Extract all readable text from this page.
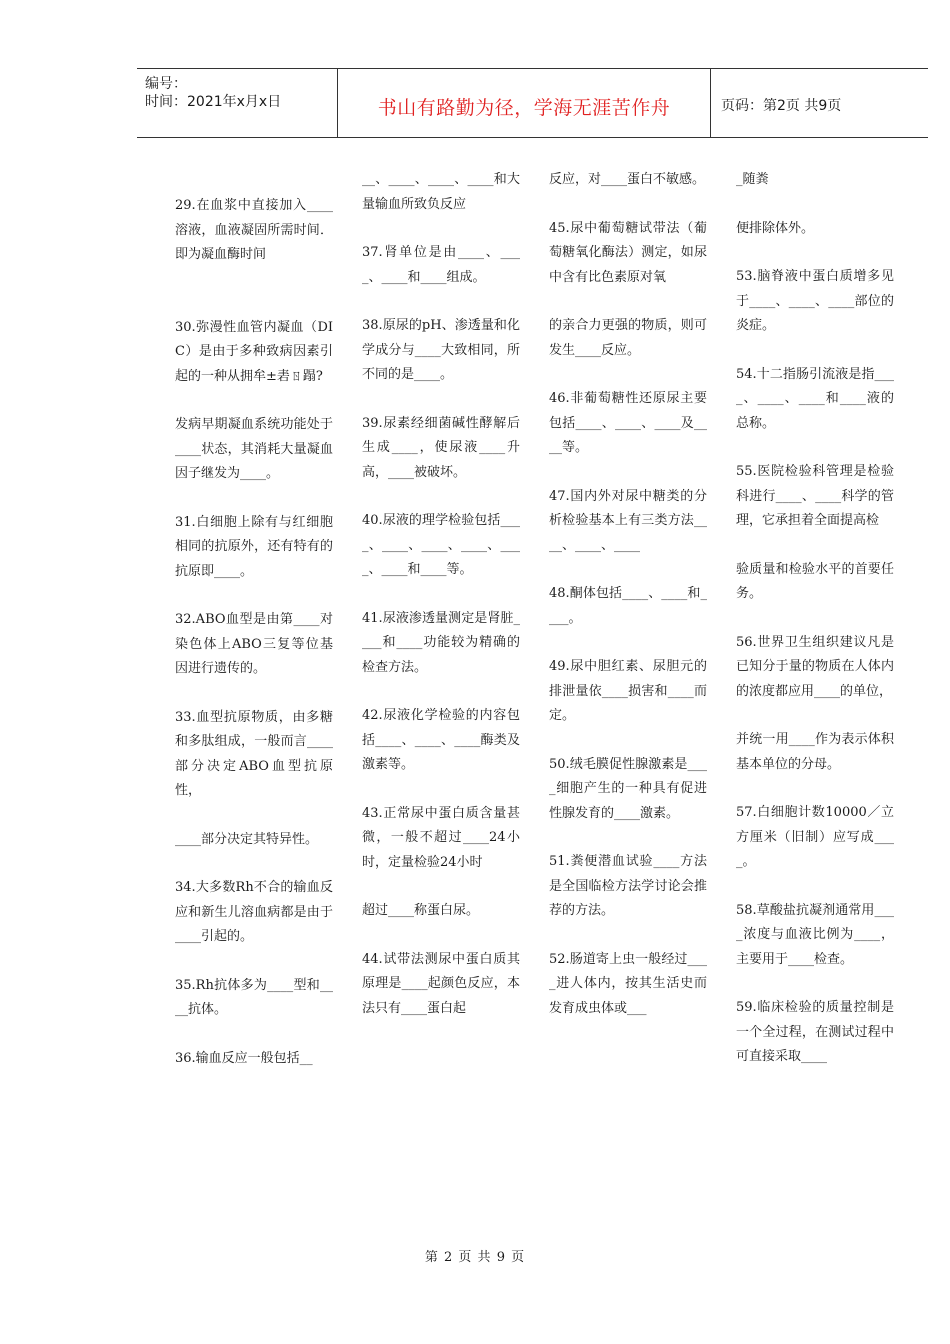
编号：
时间：2021年x月x日	书山有路勤为径，学海无涯苦作舟	页码：第2页 共9页

29.在血浆中直接加入____溶液，血液凝固所需时间．即为凝血酶时间

30.弥漫性血管内凝血（DIC）是由于多种致病因素引起的一种从拥牟±砉ㄖ蹋?

发病早期凝血系统功能处于____状态，其消耗大量凝血因子继发为____。

31.白细胞上除有与红细胞相同的抗原外，还有特有的抗原即____。

32.ABO血型是由第____对染色体上ABO三复等位基因进行遗传的。

33.血型抗原物质，由多糖和多肽组成，一般而言____部分决定ABO血型抗原性，

____部分决定其特异性。

34.大多数Rh不合的输血反应和新生儿溶血病都是由于____引起的。

35.Rh抗体多为____型和____抗体。

36.输血反应一般包括__

__、____、____、____和大量输血所致负反应

37.肾单位是由____、____、____和____组成。

38.原尿的pH、渗透量和化学成分与____大致相同，所不同的是____。

39.尿素经细菌碱性酵解后生成____，使尿液____升高，____被破坏。

40.尿液的理学检验包括____、____、____、____、____、____和____等。

41.尿液渗透量测定是肾脏____和____功能较为精确的检查方法。

42.尿液化学检验的内容包括____、____、____酶类及激素等。

43.正常尿中蛋白质含量甚微，一般不超过____24小时，定量检验24小时

超过____称蛋白尿。

44.试带法测尿中蛋白质其原理是____起颜色反应，本法只有____蛋白起

反应，对____蛋白不敏感。

45.尿中葡萄糖试带法（葡萄糖氧化酶法）测定，如尿中含有比色素原对氧

的亲合力更强的物质，则可发生____反应。

46.非葡萄糖性还原尿主要包括____、____、____及____等。

47.国内外对尿中糖类的分析检验基本上有三类方法____、____、____

48.酮体包括____、____和____。

49.尿中胆红素、尿胆元的排泄量依____损害和____而定。

50.绒毛膜促性腺激素是____细胞产生的一种具有促进性腺发育的____激素。

51.粪便潜血试验____方法是全国临检方法学讨论会推荐的方法。

52.肠道寄上虫一般经过____进人体内，按其生活史而发育成虫体或___

_随粪

便排除体外。

53.脑脊液中蛋白质增多见于____、____、____部位的炎症。

54.十二指肠引流液是指____、____、____和____液的总称。

55.医院检验科管理是检验科进行____、____科学的管理，它承担着全面提高检

验质量和检验水平的首要任务。

56.世界卫生组织建议凡是已知分于量的物质在人体内的浓度都应用____的单位，

并统一用____作为表示体积基本单位的分母。

57.白细胞计数10000／立方厘米（旧制）应写成____。

58.草酸盐抗凝剂通常用____浓度与血液比例为____，主要用于____检查。

59.临床检验的质量控制是一个全过程，在测试过程中可直接采取____

第 2 页 共 9 页
